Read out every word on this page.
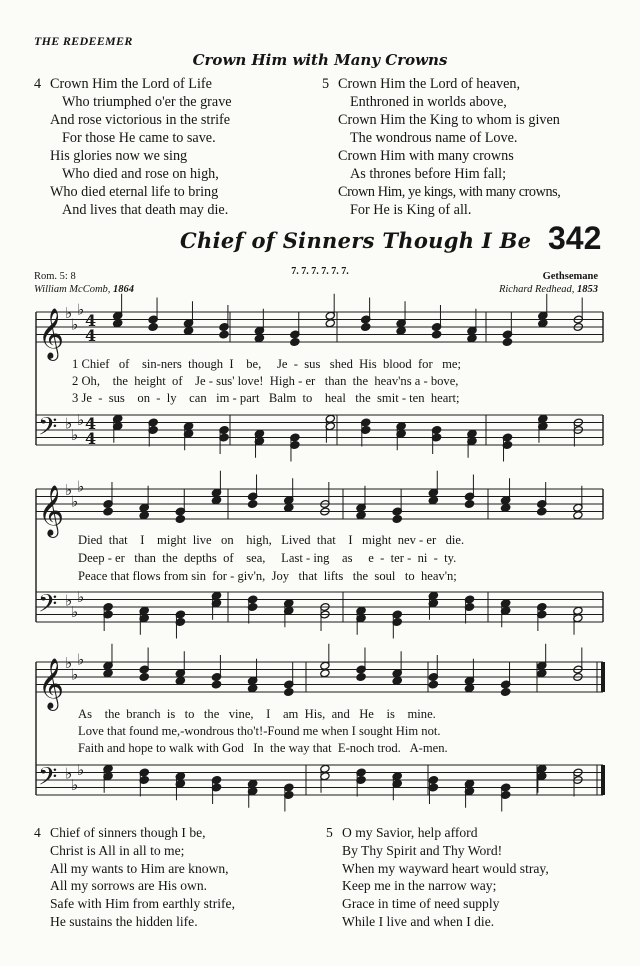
THE REDEEMER
Crown Him with Many Crowns

4

Crown Him the Lord of Life

Who triumphed o'er the grave

And rose victorious in the strife

For those He came to save.

His glories now we sing

Who died and rose on high,

Who died eternal life to bring

And lives that death may die.

5

Crown Him the Lord of heaven,

Enthroned in worlds above,

Crown Him the King to whom is given

The wondrous name of Love.

Crown Him with many crowns

As thrones before Him fall;

Crown Him, ye kings, with many crowns,

For He is King of all.

Chief of Sinners Though I Be 342
7. 7. 7. 7. 7. 7.
Rom. 5: 8
William McComb, 1864
Gethsemane
Richard Redhead, 1853
𝄞 ♭
♭
♭
4
4
𝄢 ♭
♭
♭ 4
4
𝄞 ♭
♭
♭
𝄢 ♭
♭
♭
𝄞 ♭
♭
♭
𝄢 ♭
♭
♭
1 Chief   of    sin-ners  though  I    be,     Je  -  sus   shed  His  blood  for   me;
2 Oh,    the  height  of    Je - sus' love!  High - er   than  the  heav'ns a - bove,
3 Je  -  sus    on  -  ly    can   im - part   Balm  to    heal   the  smit - ten  heart;
Died  that    I    might  live   on    high,   Lived  that    I   might  nev - er   die.
Deep - er   than  the  depths  of    sea,     Last - ing    as     e  -  ter -  ni  -  ty.
Peace that flows from sin  for - giv'n,  Joy   that  lifts   the  soul   to  heav'n;
As    the  branch  is   to   the   vine,    I    am  His,  and   He    is    mine.
Love that found me,-wondrous tho't!-Found me when I sought Him not.
Faith and hope to walk with God   In  the way that  E-noch trod.   A-men.

4

Chief of sinners though I be,

Christ is All in all to me;

All my wants to Him are known,

All my sorrows are His own.

Safe with Him from earthly strife,

He sustains the hidden life.

5

O my Savior, help afford

By Thy Spirit and Thy Word!

When my wayward heart would stray,

Keep me in the narrow way;

Grace in time of need supply

While I live and when I die.
